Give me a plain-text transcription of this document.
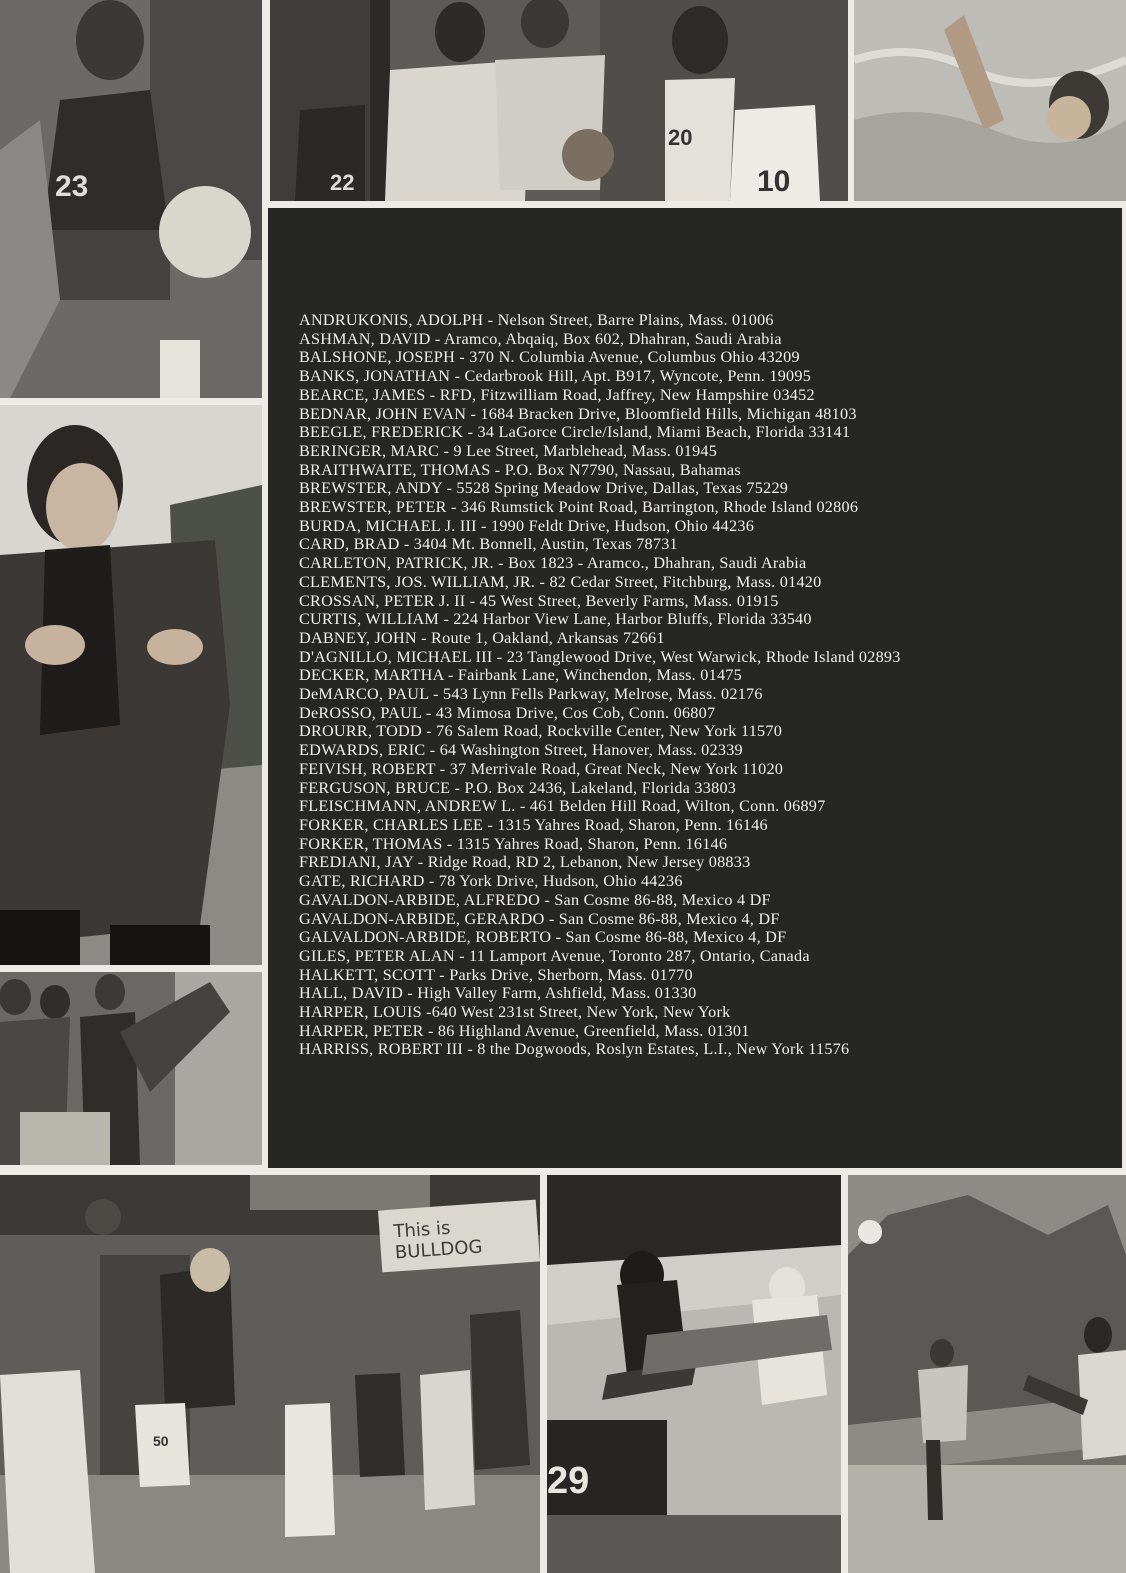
23	22
20
10
ANDRUKONIS, ADOLPH - Nelson Street, Barre Plains, Mass. 01006
ASHMAN, DAVID - Aramco, Abqaiq, Box 602, Dhahran, Saudi Arabia
BALSHONE, JOSEPH - 370 N. Columbia Avenue, Columbus Ohio 43209
BANKS, JONATHAN - Cedarbrook Hill, Apt. B917, Wyncote, Penn. 19095
BEARCE, JAMES - RFD, Fitzwilliam Road, Jaffrey, New Hampshire 03452
BEDNAR, JOHN EVAN - 1684 Bracken Drive, Bloomfield Hills, Michigan 48103
BEEGLE, FREDERICK - 34 LaGorce Circle/Island, Miami Beach, Florida 33141
BERINGER, MARC - 9 Lee Street, Marblehead, Mass. 01945
BRAITHWAITE, THOMAS - P.O. Box N7790, Nassau, Bahamas
BREWSTER, ANDY - 5528 Spring Meadow Drive, Dallas, Texas 75229
BREWSTER, PETER - 346 Rumstick Point Road, Barrington, Rhode Island 02806
BURDA, MICHAEL J. III - 1990 Feldt Drive, Hudson, Ohio 44236
CARD, BRAD - 3404 Mt. Bonnell, Austin, Texas 78731
CARLETON, PATRICK, JR. - Box 1823 - Aramco., Dhahran, Saudi Arabia
CLEMENTS, JOS. WILLIAM, JR. - 82 Cedar Street, Fitchburg, Mass. 01420
CROSSAN, PETER J. II - 45 West Street, Beverly Farms, Mass. 01915
CURTIS, WILLIAM - 224 Harbor View Lane, Harbor Bluffs, Florida 33540
DABNEY, JOHN - Route 1, Oakland, Arkansas 72661
D'AGNILLO, MICHAEL III - 23 Tanglewood Drive, West Warwick, Rhode Island 02893
DECKER, MARTHA - Fairbank Lane, Winchendon, Mass. 01475
DeMARCO, PAUL - 543 Lynn Fells Parkway, Melrose, Mass. 02176
DeROSSO, PAUL - 43 Mimosa Drive, Cos Cob, Conn. 06807
DROURR, TODD - 76 Salem Road, Rockville Center, New York 11570
EDWARDS, ERIC - 64 Washington Street, Hanover, Mass. 02339
FEIVISH, ROBERT - 37 Merrivale Road, Great Neck, New York 11020
FERGUSON, BRUCE - P.O. Box 2436, Lakeland, Florida 33803
FLEISCHMANN, ANDREW L. - 461 Belden Hill Road, Wilton, Conn. 06897
FORKER, CHARLES LEE - 1315 Yahres Road, Sharon, Penn. 16146
FORKER, THOMAS - 1315 Yahres Road, Sharon, Penn. 16146
FREDIANI, JAY - Ridge Road, RD 2, Lebanon, New Jersey 08833
GATE, RICHARD - 78 York Drive, Hudson, Ohio 44236
GAVALDON-ARBIDE, ALFREDO - San Cosme 86-88, Mexico 4 DF
GAVALDON-ARBIDE, GERARDO - San Cosme 86-88, Mexico 4, DF
GALVALDON-ARBIDE, ROBERTO - San Cosme 86-88, Mexico 4, DF
GILES, PETER ALAN - 11 Lamport Avenue, Toronto 287, Ontario, Canada
HALKETT, SCOTT - Parks Drive, Sherborn, Mass. 01770
HALL, DAVID - High Valley Farm, Ashfield, Mass. 01330
HARPER, LOUIS -640 West 231st Street, New York, New York
HARPER, PETER - 86 Highland Avenue, Greenfield, Mass. 01301
HARRISS, ROBERT III - 8 the Dogwoods, Roslyn Estates, L.I., New York 11576
This is BULLDOG
50
29
